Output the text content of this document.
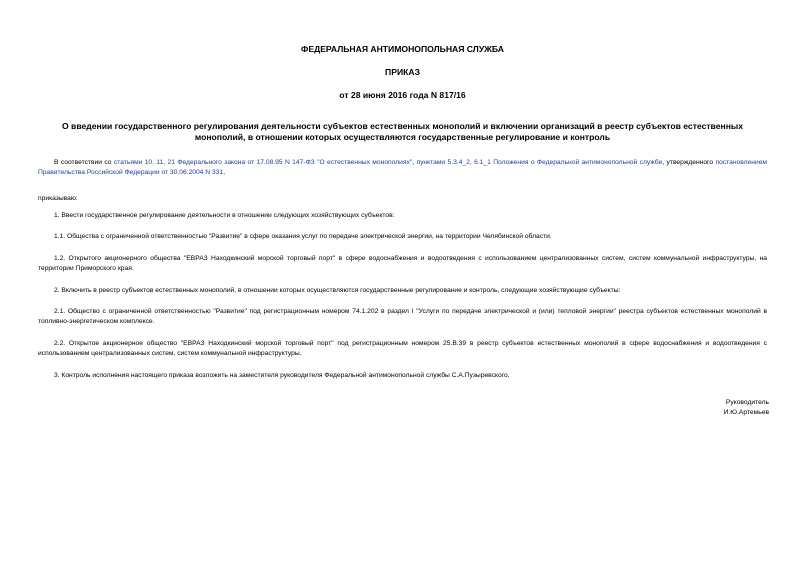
ФЕДЕРАЛЬНАЯ АНТИМОНОПОЛЬНАЯ СЛУЖБА
ПРИКАЗ
от 28 июня 2016 года N 817/16
О введении государственного регулирования деятельности субъектов естественных монополий и включении организаций в реестр субъектов естественных монополий, в отношении которых осуществляются государственные регулирование и контроль

В соответствии со статьями 10, 11, 21 Федерального закона от 17.08.95 N 147-ФЗ "О естественных монополиях", пунктами 5.3.4_2, 6.1_1 Положения о Федеральной антимонопольной службе, утвержденного постановлением Правительства Российской Федерации от 30.06.2004 N 331,

приказываю:

1. Ввести государственное регулирование деятельности в отношении следующих хозяйствующих субъектов:

1.1. Общества с ограниченной ответственностью "Развитие" в сфере оказания услуг по передаче электрической энергии, на территории Челябинской области.

1.2. Открытого акционерного общества "ЕВРАЗ Находкинский морской торговый порт" в сфере водоснабжения и водоотведения с использованием централизованных систем, систем коммунальной инфраструктуры, на территории Приморского края.

2. Включить в реестр субъектов естественных монополий, в отношении которых осуществляются государственные регулирование и контроль, следующие хозяйствующие субъекты:

2.1. Общество с ограниченной ответственностью "Развитие" под регистрационным номером 74.1.202 в раздел I "Услуги по передаче электрической и (или) тепловой энергии" реестра субъектов естественных монополий в топливно-энергетическом комплексе.

2.2. Открытое акционерное общество "ЕВРАЗ Находкинский морской торговый порт" под регистрационным номером 25.В.39 в реестр субъектов естественных монополий в сфере водоснабжения и водоотведения с использованием централизованных систем, систем коммунальной инфраструктуры.

3. Контроль исполнения настоящего приказа возложить на заместителя руководителя Федеральной антимонопольной службы С.А.Пузыревского.

Руководитель
И.Ю.Артемьев
